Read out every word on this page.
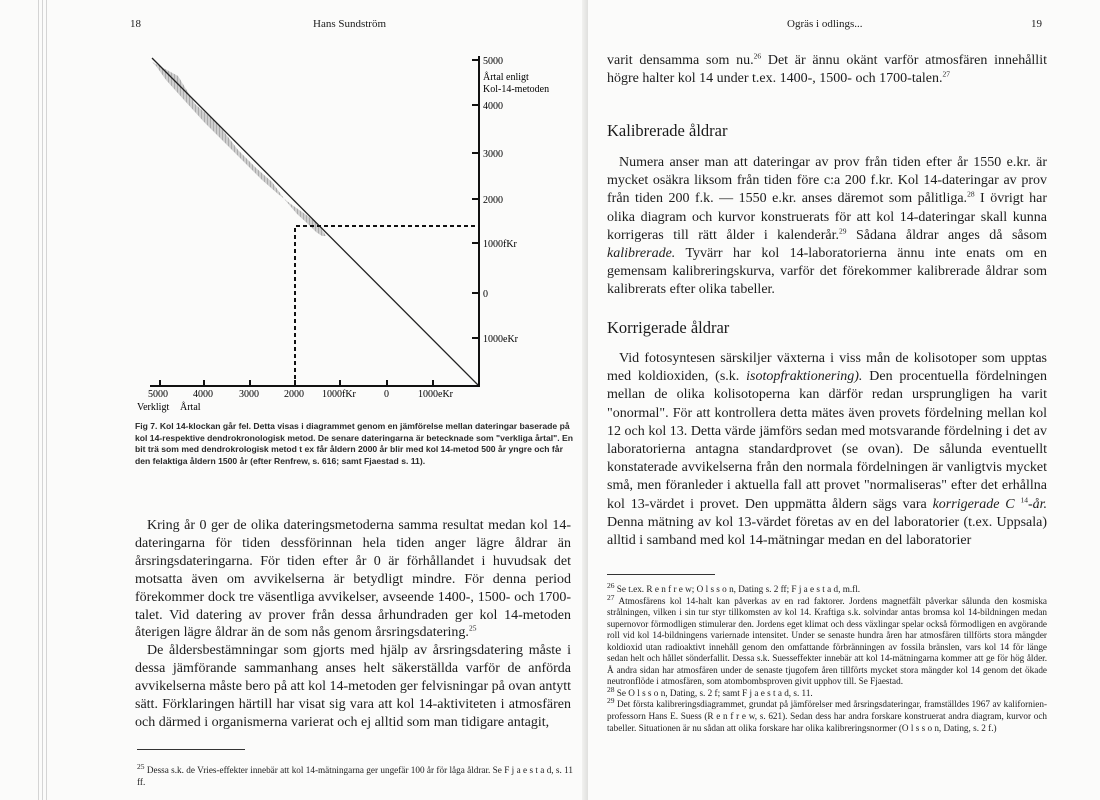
18	Hans Sundström
5000
Årtal enligt
Kol-14-metoden
4000
3000
2000
1000fKr
0
1000eKr
5000	4000	3000	2000 1000fKr	0	1000eKr
Verkligt Årtal
Fig 7. Kol 14-klockan går fel. Detta visas i diagrammet genom en jämförelse mellan dateringar baserade på kol 14-respektive dendrokronologisk metod. De senare dateringarna är betecknade som "verkliga årtal". En bit trä som med dendrokrologisk metod t ex får åldern 2000 år blir med kol 14-metod 500 år yngre och får den felaktiga åldern 1500 år (efter Renfrew, s. 616; samt Fjaestad s. 11).

Kring år 0 ger de olika dateringsmetoderna samma resultat medan kol 14-dateringarna för tiden dessförinnan hela tiden anger lägre åldrar än årsringsdateringarna. För tiden efter år 0 är förhållandet i huvudsak det motsatta även om avvikelserna är betydligt mindre. För denna period förekommer dock tre väsentliga avvikelser, avseende 1400-, 1500- och 1700-talet. Vid datering av prover från dessa århundraden ger kol 14-metoden återigen lägre åldrar än de som nås genom årsringsdatering.$^{25}$

De åldersbestämningar som gjorts med hjälp av årsringsdatering måste i dessa jämförande sammanhang anses helt säkerställda varför de anförda avvikelserna måste bero på att kol 14-metoden ger felvisningar på ovan antytt sätt. Förklaringen härtill har visat sig vara att kol 14-aktiviteten i atmosfären och därmed i organismerna varierat och ej alltid som man tidigare antagit,

$^{25}$ Dessa s.k. de Vries-effekter innebär att kol 14-mätningarna ger ungefär 100 år för låga åldrar. Se F j a e s t a d, s. 11 ff.
Ogräs i odlings...	19

varit densamma som nu.$^{26}$ Det är ännu okänt varför atmosfären innehållit högre halter kol 14 under t.ex. 1400-, 1500- och 1700-talen.$^{27}$

Kalibrerade åldrar

Numera anser man att dateringar av prov från tiden efter år 1550 e.kr. är mycket osäkra liksom från tiden före c:a 200 f.kr. Kol 14-dateringar av prov från tiden 200 f.k. — 1550 e.kr. anses däremot som pålitliga.$^{28}$ I övrigt har olika diagram och kurvor konstruerats för att kol 14-dateringar skall kunna korrigeras till rätt ålder i kalenderår.$^{29}$ Sådana åldrar anges då såsom kalibrerade. Tyvärr har kol 14-laboratorierna ännu inte enats om en gemensam kalibreringskurva, varför det förekommer kalibrerade åldrar som kalibrerats efter olika tabeller.

Korrigerade åldrar

Vid fotosyntesen särskiljer växterna i viss mån de kolisotoper som upptas med koldioxiden, (s.k. isotopfraktionering). Den procentuella fördelningen mellan de olika kolisotoperna kan därför redan ursprungligen ha varit "onormal". För att kontrollera detta mätes även provets fördelning mellan kol 12 och kol 13. Detta värde jämförs sedan med motsvarande fördelning i det av laboratorierna antagna standardprovet (se ovan). De sålunda eventuellt konstaterade avvikelserna från den normala fördelningen är vanligtvis mycket små, men föranleder i aktuella fall att provet "normaliseras" efter det erhållna kol 13-värdet i provet. Den uppmätta åldern sägs vara korrigerade C $^{14}$-år. Denna mätning av kol 13-värdet företas av en del laboratorier (t.ex. Uppsala) alltid i samband med kol 14-mätningar medan en del laboratorier

$^{26}$ Se t.ex. R e n f r e w; O l s s o n, Dating s. 2 ff; F j a e s t a d, m.fl.

$^{27}$ Atmosfärens kol 14-halt kan påverkas av en rad faktorer. Jordens magnetfält påverkar sålunda den kosmiska strålningen, vilken i sin tur styr tillkomsten av kol 14. Kraftiga s.k. solvindar antas bromsa kol 14-bildningen medan supernovor förmodligen stimulerar den. Jordens eget klimat och dess växlingar spelar också förmodligen en avgörande roll vid kol 14-bildningens variernade intensitet. Under se senaste hundra åren har atmosfären tillförts stora mängder koldioxid utan radioaktivt innehåll genom den omfattande förbränningen av fossila bränslen, vars kol 14 för länge sedan helt och hållet sönderfallit. Dessa s.k. Suesseffekter innebär att kol 14-mätningarna kommer att ge för hög ålder. Å andra sidan har atmosfären under de senaste tjugofem åren tillförts mycket stora mängder kol 14 genom det ökade neutronflöde i atmosfären, som atombombsproven givit upphov till. Se Fjaestad.

$^{28}$ Se O l s s o n, Dating, s. 2 f; samt F j a e s t a d, s. 11.

$^{29}$ Det första kalibreringsdiagrammet, grundat på jämförelser med årsringsdateringar, framställdes 1967 av kalifornien-professorn Hans E. Suess (R e n f r e w, s. 621). Sedan dess har andra forskare konstruerat andra diagram, kurvor och tabeller. Situationen är nu sådan att olika forskare har olika kalibreringsnormer (O l s s o n, Dating, s. 2 f.)
